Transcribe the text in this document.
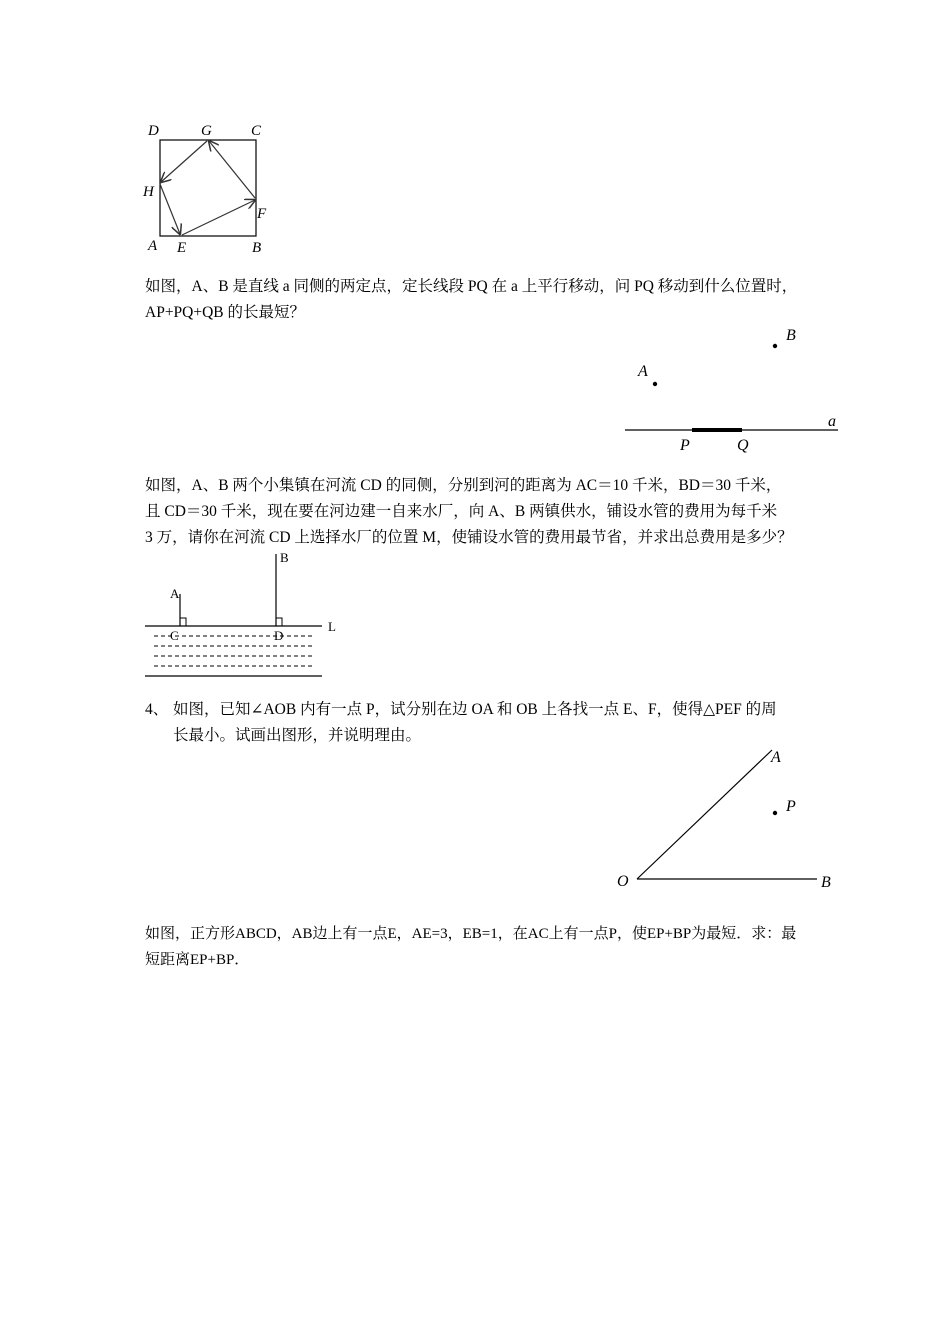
D	G	C
H
F
A E	B

如图，A、B 是直线 a 同侧的两定点，定长线段 PQ 在 a 上平行移动，问 PQ 移动到什么位置时，

AP+PQ+QB 的长最短？

A
B
P	Q
a

如图，A、B 两个小集镇在河流 CD 的同侧，分别到河的距离为 AC＝10 千米，BD＝30 千米，

且 CD＝30 千米，现在要在河边建一自来水厂，向 A、B 两镇供水，铺设水管的费用为每千米

3 万，请你在河流 CD 上选择水厂的位置 M，使铺设水管的费用最节省，并求出总费用是多少？

A
B
C	D
L

4、 如图，已知∠AOB 内有一点 P，试分别在边 OA 和 OB 上各找一点 E、F，使得△PEF 的周

长最小。试画出图形，并说明理由。

A
P
O	B

如图，正方形ABCD，AB边上有一点E，AE=3，EB=1，在AC上有一点P，使EP+BP为最短．求：最

短距离EP+BP．
